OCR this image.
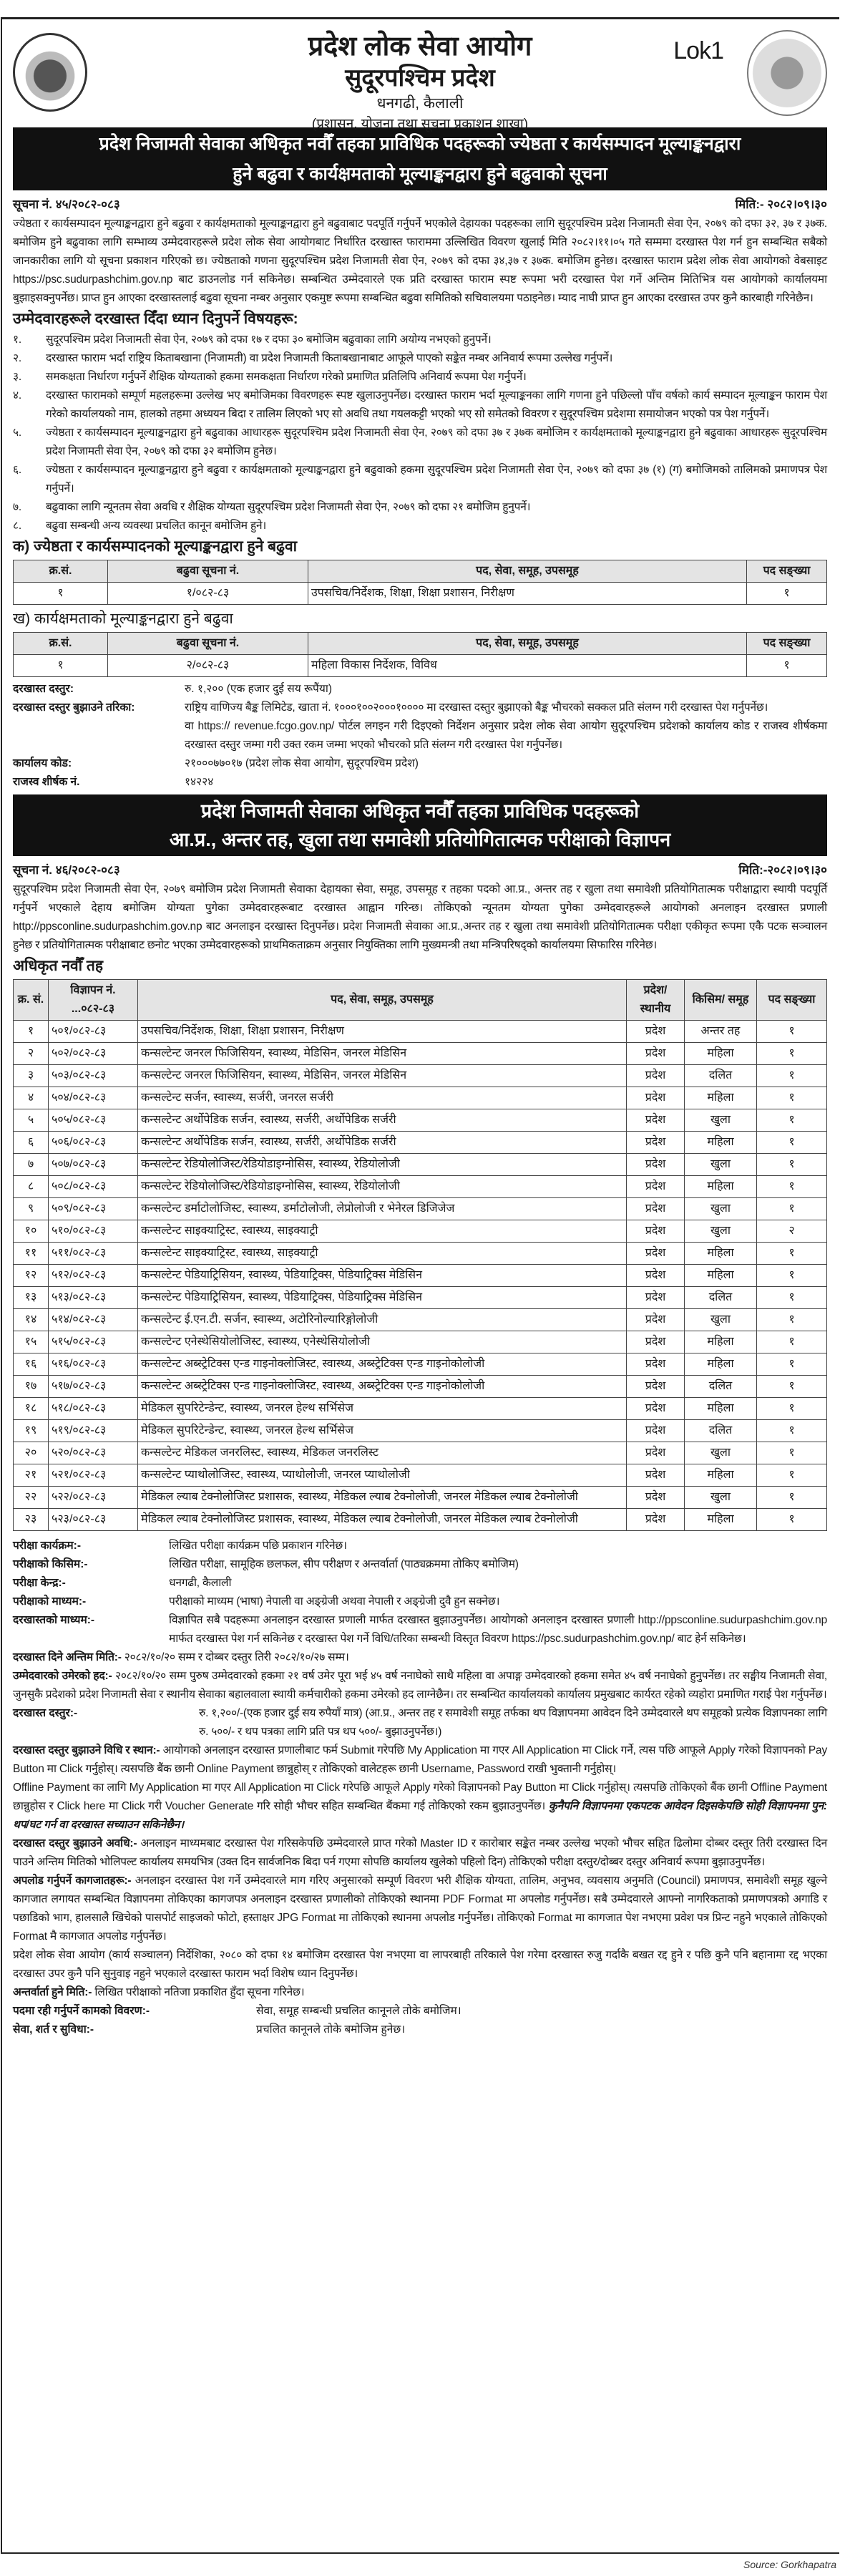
प्रदेश लोक सेवा आयोग
सुदूरपश्चिम प्रदेश
धनगढी, कैलाली
(प्रशासन, योजना तथा सूचना प्रकाशन शाखा)
Lok1
प्रदेश निजामती सेवाका अधिकृत नवौँ तहका प्राविधिक पदहरूको ज्येष्ठता र कार्यसम्पादन मूल्याङ्कनद्वारा
हुने बढुवा र कार्यक्षमताको मूल्याङ्कनद्वारा हुने बढुवाको सूचना
सूचना नं. ४५/२०८२-०८३	मिति:- २०८२।०९।३०

ज्येष्ठता र कार्यसम्पादन मूल्याङ्कनद्वारा हुने बढुवा र कार्यक्षमताको मूल्याङ्कनद्वारा हुने बढुवाबाट पदपूर्ति गर्नुपर्ने भएकोले देहायका पदहरूका लागि सुदूरपश्चिम प्रदेश निजामती सेवा ऐन, २०७९ को दफा ३२, ३७ र ३७क. बमोजिम हुने बढुवाका लागि सम्भाव्य उम्मेदवारहरूले प्रदेश लोक सेवा आयोगबाट निर्धारित दरखास्त फाराममा उल्लिखित विवरण खुलाई मिति २०८२।११।०५ गते सम्ममा दरखास्त पेश गर्न हुन सम्बन्धित सबैको जानकारीका लागि यो सूचना प्रकाशन गरिएको छ। ज्येष्ठताको गणना सुदूरपश्चिम प्रदेश निजामती सेवा ऐन, २०७९ को दफा ३४,३७ र ३७क. बमोजिम हुनेछ। दरखास्त फाराम प्रदेश लोक सेवा आयोगको वेबसाइट https://psc.sudurpashchim.gov.np बाट डाउनलोड गर्न सकिनेछ। सम्बन्धित उम्मेदवारले एक प्रति दरखास्त फाराम स्पष्ट रूपमा भरी दरखास्त पेश गर्ने अन्तिम मितिभित्र यस आयोगको कार्यालयमा बुझाइसक्नुपर्नेछ। प्राप्त हुन आएका दरखास्तलाई बढुवा सूचना नम्बर अनुसार एकमुष्ट रूपमा सम्बन्धित बढुवा समितिको सचिवालयमा पठाइनेछ। म्याद नाघी प्राप्त हुन आएका दरखास्त उपर कुनै कारबाही गरिनेछैन।

उम्मेदवारहरूले दरखास्त दिँदा ध्यान दिनुपर्ने विषयहरू:
१.	सुदूरपश्चिम प्रदेश निजामती सेवा ऐन, २०७९ को दफा १७ र दफा ३० बमोजिम बढुवाका लागि अयोग्य नभएको हुनुपर्ने।
२.	दरखास्त फाराम भर्दा राष्ट्रिय किताबखाना (निजामती) वा प्रदेश निजामती किताबखानाबाट आफूले पाएको सङ्केत नम्बर अनिवार्य रूपमा उल्लेख गर्नुपर्ने।
३.	समकक्षता निर्धारण गर्नुपर्ने शैक्षिक योग्यताको हकमा समकक्षता निर्धारण गरेको प्रमाणित प्रतिलिपि अनिवार्य रूपमा पेश गर्नुपर्ने।
४.	दरखास्त फारामको सम्पूर्ण महलहरूमा उल्लेख भए बमोजिमका विवरणहरू स्पष्ट खुलाउनुपर्नेछ। दरखास्त फाराम भर्दा मूल्याङ्कनका लागि गणना हुने पछिल्लो पाँच वर्षको कार्य सम्पादन मूल्याङ्कन फाराम पेश गरेको कार्यालयको नाम, हालको तहमा अध्ययन बिदा र तालिम लिएको भए सो अवधि तथा गयलकट्टी भएको भए सो समेतको विवरण र सुदूरपश्चिम प्रदेशमा समायोजन भएको पत्र पेश गर्नुपर्ने।
५.	ज्येष्ठता र कार्यसम्पादन मूल्याङ्कनद्वारा हुने बढुवाका आधारहरू सुदूरपश्चिम प्रदेश निजामती सेवा ऐन, २०७९ को दफा ३७ र ३७क बमोजिम र कार्यक्षमताको मूल्याङ्कनद्वारा हुने बढुवाका आधारहरू सुदूरपश्चिम प्रदेश निजामती सेवा ऐन, २०७९ को दफा ३२ बमोजिम हुनेछ।
६.	ज्येष्ठता र कार्यसम्पादन मूल्याङ्कनद्वारा हुने बढुवा र कार्यक्षमताको मूल्याङ्कनद्वारा हुने बढुवाको हकमा सुदूरपश्चिम प्रदेश निजामती सेवा ऐन, २०७९ को दफा ३७ (१) (ग) बमोजिमको तालिमको प्रमाणपत्र पेश गर्नुपर्ने।
७.	बढुवाका लागि न्यूनतम सेवा अवधि र शैक्षिक योग्यता सुदूरपश्चिम प्रदेश निजामती सेवा ऐन, २०७९ को दफा २१ बमोजिम हुनुपर्ने।
८.	बढुवा सम्बन्धी अन्य व्यवस्था प्रचलित कानून बमोजिम हुने।
क) ज्येष्ठता र कार्यसम्पादनको मूल्याङ्कनद्वारा हुने बढुवा
क्र.सं.	बढुवा सूचना नं.	पद, सेवा, समूह, उपसमूह	पद सङ्ख्या
१	१/०८२-८३	उपसचिव/निर्देशक, शिक्षा, शिक्षा प्रशासन, निरीक्षण	१
ख) कार्यक्षमताको मूल्याङ्कनद्वारा हुने बढुवा
क्र.सं.	बढुवा सूचना नं.	पद, सेवा, समूह, उपसमूह	पद सङ्ख्या
१	२/०८२-८३	महिला विकास निर्देशक, विविध	१
दरखास्त दस्तुर:	रु. १,२०० (एक हजार दुई सय रूपैंया)
दरखास्त दस्तुर बुझाउने तरिका:	राष्ट्रिय वाणिज्य बैङ्क लिमिटेड, खाता नं. १०००१००२०००१०००० मा दरखास्त दस्तुर बुझाएको बैङ्क भौचरको सक्कल प्रति संलग्न गरी दरखास्त पेश गर्नुपर्नेछ।

वा https:// revenue.fcgo.gov.np/ पोर्टल लगइन गरी दिइएको निर्देशन अनुसार प्रदेश लोक सेवा आयोग सुदूरपश्चिम प्रदेशको कार्यालय कोड र राजस्व शीर्षकमा दरखास्त दस्तुर जम्मा गरी उक्त रकम जम्मा भएको भौचरको प्रति संलग्न गरी दरखास्त पेश गर्नुपर्नेछ।

कार्यालय कोड:	२१०००७७०१७ (प्रदेश लोक सेवा आयोग, सुदूरपश्चिम प्रदेश)
राजस्व शीर्षक नं.	१४२२४
प्रदेश निजामती सेवाका अधिकृत नवौँ तहका प्राविधिक पदहरूको
आ.प्र., अन्तर तह, खुला तथा समावेशी प्रतियोगितात्मक परीक्षाको विज्ञापन
सूचना नं. ४६/२०८२-०८३	मिति:-२०८२।०९।३०

सुदूरपश्चिम प्रदेश निजामती सेवा ऐन, २०७९ बमोजिम प्रदेश निजामती सेवाका देहायका सेवा, समूह, उपसमूह र तहका पदको आ.प्र., अन्तर तह र खुला तथा समावेशी प्रतियोगितात्मक परीक्षाद्वारा स्थायी पदपूर्ति गर्नुपर्ने भएकाले देहाय बमोजिम योग्यता पुगेका उम्मेदवारहरूबाट दरखास्त आह्वान गरिन्छ। तोकिएको न्यूनतम योग्यता पुगेका उम्मेदवारहरूले आयोगको अनलाइन दरखास्त प्रणाली http://ppsconline.sudurpashchim.gov.np बाट अनलाइन दरखास्त दिनुपर्नेछ। प्रदेश निजामती सेवाका आ.प्र.,अन्तर तह र खुला तथा समावेशी प्रतियोगितात्मक परीक्षा एकीकृत रूपमा एकै पटक सञ्चालन हुनेछ र प्रतियोगितात्मक परीक्षाबाट छनोट भएका उम्मेदवारहरूको प्राथमिकताक्रम अनुसार नियुक्तिका लागि मुख्यमन्त्री तथा मन्त्रिपरिषद्को कार्यालयमा सिफारिस गरिनेछ।

अधिकृत नवौँ तह
क्र. सं.	विज्ञापन नं. ...०८२-८३	पद, सेवा, समूह, उपसमूह	प्रदेश/ स्थानीय	किसिम/ समूह	पद सङ्ख्या
१	५०१/०८२-८३	उपसचिव/निर्देशक, शिक्षा, शिक्षा प्रशासन, निरीक्षण	प्रदेश	अन्तर तह	१
२	५०२/०८२-८३	कन्सल्टेन्ट जनरल फिजिसियन, स्वास्थ्य, मेडिसिन, जनरल मेडिसिन	प्रदेश	महिला	१
३	५०३/०८२-८३	कन्सल्टेन्ट जनरल फिजिसियन, स्वास्थ्य, मेडिसिन, जनरल मेडिसिन	प्रदेश	दलित	१
४	५०४/०८२-८३	कन्सल्टेन्ट सर्जन, स्वास्थ्य, सर्जरी, जनरल सर्जरी	प्रदेश	महिला	१
५	५०५/०८२-८३	कन्सल्टेन्ट अर्थोपेडिक सर्जन, स्वास्थ्य, सर्जरी, अर्थोपेडिक सर्जरी	प्रदेश	खुला	१
६	५०६/०८२-८३	कन्सल्टेन्ट अर्थोपेडिक सर्जन, स्वास्थ्य, सर्जरी, अर्थोपेडिक सर्जरी	प्रदेश	महिला	१
७	५०७/०८२-८३	कन्सल्टेन्ट रेडियोलोजिस्ट/रेडियोडाइग्नोसिस, स्वास्थ्य, रेडियोलोजी	प्रदेश	खुला	१
८	५०८/०८२-८३	कन्सल्टेन्ट रेडियोलोजिस्ट/रेडियोडाइग्नोसिस, स्वास्थ्य, रेडियोलोजी	प्रदेश	महिला	१
९	५०९/०८२-८३	कन्सल्टेन्ट डर्माटोलोजिस्ट, स्वास्थ्य, डर्माटोलोजी, लेप्रोलोजी र भेनेरल डिजिजेज	प्रदेश	खुला	१
१०	५१०/०८२-८३	कन्सल्टेन्ट साइक्याट्रिस्ट, स्वास्थ्य, साइक्याट्री	प्रदेश	खुला	२
११	५११/०८२-८३	कन्सल्टेन्ट साइक्याट्रिस्ट, स्वास्थ्य, साइक्याट्री	प्रदेश	महिला	१
१२	५१२/०८२-८३	कन्सल्टेन्ट पेडियाट्रिसियन, स्वास्थ्य, पेडियाट्रिक्स, पेडियाट्रिक्स मेडिसिन	प्रदेश	महिला	१
१३	५१३/०८२-८३	कन्सल्टेन्ट पेडियाट्रिसियन, स्वास्थ्य, पेडियाट्रिक्स, पेडियाट्रिक्स मेडिसिन	प्रदेश	दलित	१
१४	५१४/०८२-८३	कन्सल्टेन्ट ई.एन.टी. सर्जन, स्वास्थ्य, अटोरिनोल्यारिङ्गोलोजी	प्रदेश	खुला	१
१५	५१५/०८२-८३	कन्सल्टेन्ट एनेस्थेसियोलोजिस्ट, स्वास्थ्य, एनेस्थेसियोलोजी	प्रदेश	महिला	१
१६	५१६/०८२-८३	कन्सल्टेन्ट अब्स्ट्रेटिक्स एन्ड गाइनोक्लोजिस्ट, स्वास्थ्य, अब्स्ट्रेटिक्स एन्ड गाइनोकोलोजी	प्रदेश	महिला	१
१७	५१७/०८२-८३	कन्सल्टेन्ट अब्स्ट्रेटिक्स एन्ड गाइनोक्लोजिस्ट, स्वास्थ्य, अब्स्ट्रेटिक्स एन्ड गाइनोकोलोजी	प्रदेश	दलित	१
१८	५१८/०८२-८३	मेडिकल सुपरिटेन्डेन्ट, स्वास्थ्य, जनरल हेल्थ सर्भिसेज	प्रदेश	महिला	१
१९	५१९/०८२-८३	मेडिकल सुपरिटेन्डेन्ट, स्वास्थ्य, जनरल हेल्थ सर्भिसेज	प्रदेश	दलित	१
२०	५२०/०८२-८३	कन्सल्टेन्ट मेडिकल जनरलिस्ट, स्वास्थ्य, मेडिकल जनरलिस्ट	प्रदेश	खुला	१
२१	५२१/०८२-८३	कन्सल्टेन्ट प्याथोलोजिस्ट, स्वास्थ्य, प्याथोलोजी, जनरल प्याथोलोजी	प्रदेश	महिला	१
२२	५२२/०८२-८३	मेडिकल ल्याब टेक्नोलोजिस्ट प्रशासक, स्वास्थ्य, मेडिकल ल्याब टेक्नोलोजी, जनरल मेडिकल ल्याब टेक्नोलोजी	प्रदेश	खुला	१
२३	५२३/०८२-८३	मेडिकल ल्याब टेक्नोलोजिस्ट प्रशासक, स्वास्थ्य, मेडिकल ल्याब टेक्नोलोजी, जनरल मेडिकल ल्याब टेक्नोलोजी	प्रदेश	महिला	१
परीक्षा कार्यक्रम:-	लिखित परीक्षा कार्यक्रम पछि प्रकाशन गरिनेछ।

परीक्षाको किसिम:-	लिखित परीक्षा, सामूहिक छलफल, सीप परीक्षण र अन्तर्वार्ता (पाठ्यक्रममा तोकिए बमोजिम)

परीक्षा केन्द्र:-	धनगढी, कैलाली

परीक्षाको माध्यम:-	परीक्षाको माध्यम (भाषा) नेपाली वा अङ्ग्रेजी अथवा नेपाली र अङ्ग्रेजी दुवै हुन सक्नेछ।

दरखास्तको माध्यम:-	विज्ञापित सबै पदहरूमा अनलाइन दरखास्त प्रणाली मार्फत दरखास्त बुझाउनुपर्नेछ। आयोगको अनलाइन दरखास्त प्रणाली http://ppsconline.sudurpashchim.gov.np मार्फत दरखास्त पेश गर्न सकिनेछ र दरखास्त पेश गर्ने विधि/तरिका सम्बन्धी विस्तृत विवरण https://psc.sudurpashchim.gov.np/ बाट हेर्न सकिनेछ।

दरखास्त दिने अन्तिम मिति:- २०८२/१०/२० सम्म र दोब्बर दस्तुर तिरी २०८२/१०/२७ सम्म।

उम्मेदवारको उमेरको हद:- २०८२/१०/२० सम्म पुरुष उम्मेदवारको हकमा २१ वर्ष उमेर पूरा भई ४५ वर्ष ननाघेको साथै महिला वा अपाङ्ग उम्मेदवारको हकमा समेत ४५ वर्ष ननाघेको हुनुपर्नेछ। तर सङ्घीय निजामती सेवा, जुनसुकै प्रदेशको प्रदेश निजामती सेवा र स्थानीय सेवाका बहालवाला स्थायी कर्मचारीको हकमा उमेरको हद लाग्नेछैन। तर सम्बन्धित कार्यालयको कार्यालय प्रमुखबाट कार्यरत रहेको व्यहोरा प्रमाणित गराई पेश गर्नुपर्नेछ।

दरखास्त दस्तुर:-	रु. १,२००/-(एक हजार दुई सय रुपैयाँ मात्र) (आ.प्र., अन्तर तह र समावेशी समूह तर्फका थप विज्ञापनमा आवेदन दिने उम्मेदवारले थप समूहको प्रत्येक विज्ञापनका लागि रु. ५००/- र थप पत्रका लागि प्रति पत्र थप ५००/- बुझाउनुपर्नेछ।)

दरखास्त दस्तुर बुझाउने विधि र स्थान:- आयोगको अनलाइन दरखास्त प्रणालीबाट फर्म Submit गरेपछि My Application मा गएर All Application मा Click गर्ने, त्यस पछि आफूले Apply गरेको विज्ञापनको Pay Button मा Click गर्नुहोस्। त्यसपछि बैंक छानी Online Payment छान्नुहोस् र तोकिएको वालेटहरू छानी Username, Password राखी भुक्तानी गर्नुहोस्।

Offline Payment का लागि My Application मा गएर All Application मा Click गरेपछि आफूले Apply गरेको विज्ञापनको Pay Button मा Click गर्नुहोस्। त्यसपछि तोकिएको बैंक छानी Offline Payment छान्नुहोस र Click here मा Click गरी Voucher Generate गरि सोही भौचर सहित सम्बन्धित बैंकमा गई तोकिएको रकम बुझाउनुपर्नेछ। कुनैपनि विज्ञापनमा एकपटक आवेदन दिइसकेपछि सोही विज्ञापनमा पुन: थप/घट गर्न वा दरखास्त सच्याउन सकिनेछैन।

दरखास्त दस्तुर बुझाउने अवधि:- अनलाइन माध्यमबाट दरखास्त पेश गरिसकेपछि उम्मेदवारले प्राप्त गरेको Master ID र कारोबार सङ्केत नम्बर उल्लेख भएको भौचर सहित ढिलोमा दोब्बर दस्तुर तिरी दरखास्त दिन पाउने अन्तिम मितिको भोलिपल्ट कार्यालय समयभित्र (उक्त दिन सार्वजनिक बिदा पर्न गएमा सोपछि कार्यालय खुलेको पहिलो दिन) तोकिएको परीक्षा दस्तुर/दोब्बर दस्तुर अनिवार्य रूपमा बुझाउनुपर्नेछ।

अपलोड गर्नुपर्ने कागजातहरू:- अनलाइन दरखास्त पेश गर्ने उम्मेदवारले माग गरिए अनुसारको सम्पूर्ण विवरण भरी शैक्षिक योग्यता, तालिम, अनुभव, व्यवसाय अनुमति (Council) प्रमाणपत्र, समावेशी समूह खुल्ने कागजात लगायत सम्बन्धित विज्ञापनमा तोकिएका कागजपत्र अनलाइन दरखास्त प्रणालीको तोकिएको स्थानमा PDF Format मा अपलोड गर्नुपर्नेछ। सबै उम्मेदवारले आफ्नो नागरिकताको प्रमाणपत्रको अगाडि र पछाडिको भाग, हालसालै खिचेको पासपोर्ट साइजको फोटो, हस्ताक्षर JPG Format मा तोकिएको स्थानमा अपलोड गर्नुपर्नेछ। तोकिएको Format मा कागजात पेश नभएमा प्रवेश पत्र प्रिन्ट नहुने भएकाले तोकिएको Format मै कागजात अपलोड गर्नुपर्नेछ।

प्रदेश लोक सेवा आयोग (कार्य सञ्चालन) निर्देशिका, २०८० को दफा १४ बमोजिम दरखास्त पेश नभएमा वा लापरबाही तरिकाले पेश गरेमा दरखास्त रुजु गर्दाकै बखत रद्द हुने र पछि कुनै पनि बहानामा रद्द भएका दरखास्त उपर कुनै पनि सुनुवाइ नहुने भएकाले दरखास्त फाराम भर्दा विशेष ध्यान दिनुपर्नेछ।

अन्तर्वार्ता हुने मिति:- लिखित परीक्षाको नतिजा प्रकाशित हुँदा सूचना गरिनेछ।

पदमा रही गर्नुपर्ने कामको विवरण:-	सेवा, समूह सम्बन्धी प्रचलित कानूनले तोके बमोजिम।
सेवा, शर्त र सुविधा:-	प्रचलित कानूनले तोके बमोजिम हुनेछ।
Source: Gorkhapatra
